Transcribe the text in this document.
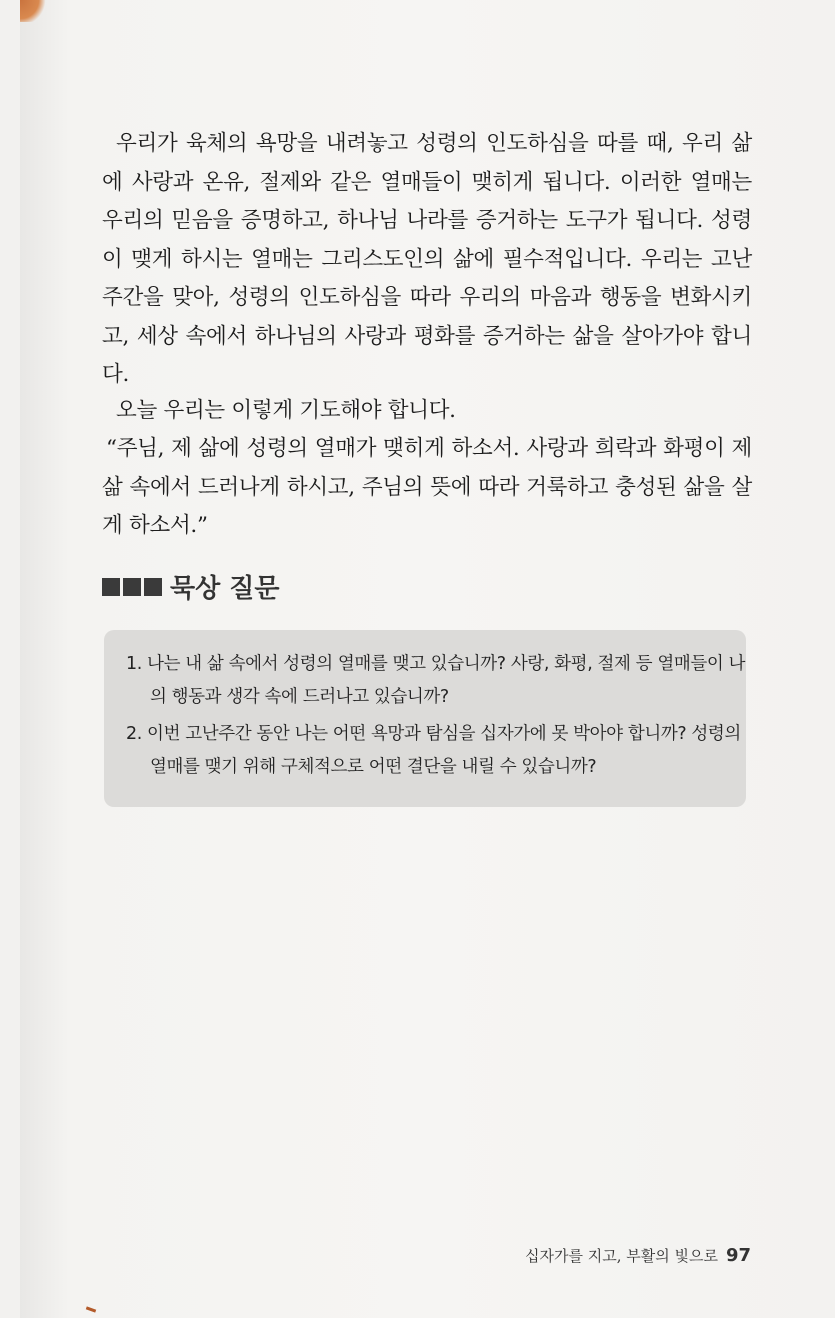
우리가 육체의 욕망을 내려놓고 성령의 인도하심을 따를 때, 우리 삶에 사랑과 온유, 절제와 같은 열매들이 맺히게 됩니다. 이러한 열매는 우리의 믿음을 증명하고, 하나님 나라를 증거하는 도구가 됩니다. 성령이 맺게 하시는 열매는 그리스도인의 삶에 필수적입니다. 우리는 고난주간을 맞아, 성령의 인도하심을 따라 우리의 마음과 행동을 변화시키고, 세상 속에서 하나님의 사랑과 평화를 증거하는 삶을 살아가야 합니다.

오늘 우리는 이렇게 기도해야 합니다.

“주님, 제 삶에 성령의 열매가 맺히게 하소서. 사랑과 희락과 화평이 제 삶 속에서 드러나게 하시고, 주님의 뜻에 따라 거룩하고 충성된 삶을 살게 하소서.”

묵상 질문

1. 나는 내 삶 속에서 성령의 열매를 맺고 있습니까? 사랑, 화평, 절제 등 열매들이 나의 행동과 생각 속에 드러나고 있습니까?

2. 이번 고난주간 동안 나는 어떤 욕망과 탐심을 십자가에 못 박아야 합니까? 성령의 열매를 맺기 위해 구체적으로 어떤 결단을 내릴 수 있습니까?

십자가를 지고, 부활의 빛으로 97
